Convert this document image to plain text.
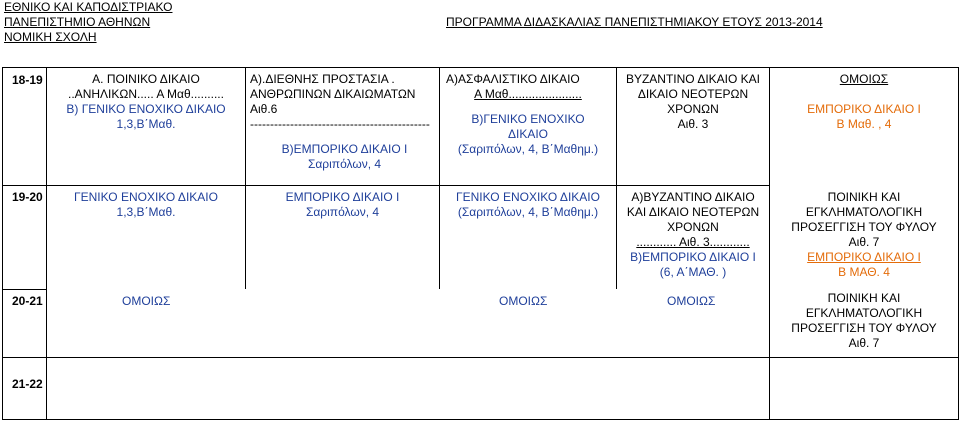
ΕΘΝΙΚΟ ΚΑΙ ΚΑΠΟΔΙΣΤΡΙΑΚΟ
ΠΑΝΕΠΙΣΤΗΜΙΟ ΑΘΗΝΩΝ
ΝΟΜΙΚΗ ΣΧΟΛΗ
ΠΡΟΓΡΑΜΜΑ ΔΙΔΑΣΚΑΛΙΑΣ ΠΑΝΕΠΙΣΤΗΜΙΑΚΟΥ ΕΤΟΥΣ 2013-2014
18-19
19-20
20-21
21-22
Α. ΠΟΙΝΙΚΟ ΔΙΚΑΙΟ
..ΑΝΗΛΙΚΩΝ..... Α Μαθ..........
Β) ΓΕΝΙΚΟ ΕΝΟΧΙΚΟ ΔΙΚΑΙΟ
1,3,Β΄Μαθ.
ΓΕΝΙΚΟ ΕΝΟΧΙΚΟ ΔΙΚΑΙΟ
1,3,Β΄Μαθ.
Α).ΔΙΕΘΝΗΣ ΠΡΟΣΤΑΣΙΑ .
ΑΝΘΡΩΠΙΝΩΝ ΔΙΚΑΙΩΜΑΤΩΝ
Αιθ.6
---------------------------------------------
Β)ΕΜΠΟΡΙΚΟ ΔΙΚΑΙΟ Ι
Σαριπόλων, 4
ΕΜΠΟΡΙΚΟ ΔΙΚΑΙΟ Ι
Σαριπόλων, 4
Α)ΑΣΦΑΛΙΣΤΙΚΟ ΔΙΚΑΙΟ
Α Μαθ......................
Β)ΓΕΝΙΚΟ ΕΝΟΧΙΚΟ
ΔΙΚΑΙΟ
(Σαριπόλων, 4, Β΄Μαθημ.)
ΓΕΝΙΚΟ ΕΝΟΧΙΚΟ ΔΙΚΑΙΟ
(Σαριπόλων, 4, Β΄Μαθημ.)
ΒΥΖΑΝΤΙΝΟ ΔΙΚΑΙΟ ΚΑΙ
ΔΙΚΑΙΟ ΝΕΟΤΕΡΩΝ
ΧΡΟΝΩΝ
Αιθ. 3
Α)ΒΥΖΑΝΤΙΝΟ ΔΙΚΑΙΟ
ΚΑΙ ΔΙΚΑΙΟ ΝΕΟΤΕΡΩΝ
ΧΡΟΝΩΝ
............ Αιθ. 3............
Β)ΕΜΠΟΡΙΚΟ ΔΙΚΑΙΟ Ι
(6, Α΄ΜΑΘ. )
ΟΜΟΙΩΣ
ΕΜΠΟΡΙΚΟ ΔΙΚΑΙΟ Ι
Β Μαθ. , 4
ΠΟΙΝΙΚΗ ΚΑΙ
ΕΓΚΛΗΜΑΤΟΛΟΓΙΚΗ
ΠΡΟΣΕΓΓΙΣΗ ΤΟΥ ΦΥΛΟΥ
Αιθ. 7
ΕΜΠΟΡΙΚΟ ΔΙΚΑΙΟ Ι
Β ΜΑΘ. 4
ΠΟΙΝΙΚΗ ΚΑΙ
ΕΓΚΛΗΜΑΤΟΛΟΓΙΚΗ
ΠΡΟΣΕΓΓΙΣΗ ΤΟΥ ΦΥΛΟΥ
Αιθ. 7
ΟΜΟΙΩΣ	ΟΜΟΙΩΣ	ΟΜΟΙΩΣ
